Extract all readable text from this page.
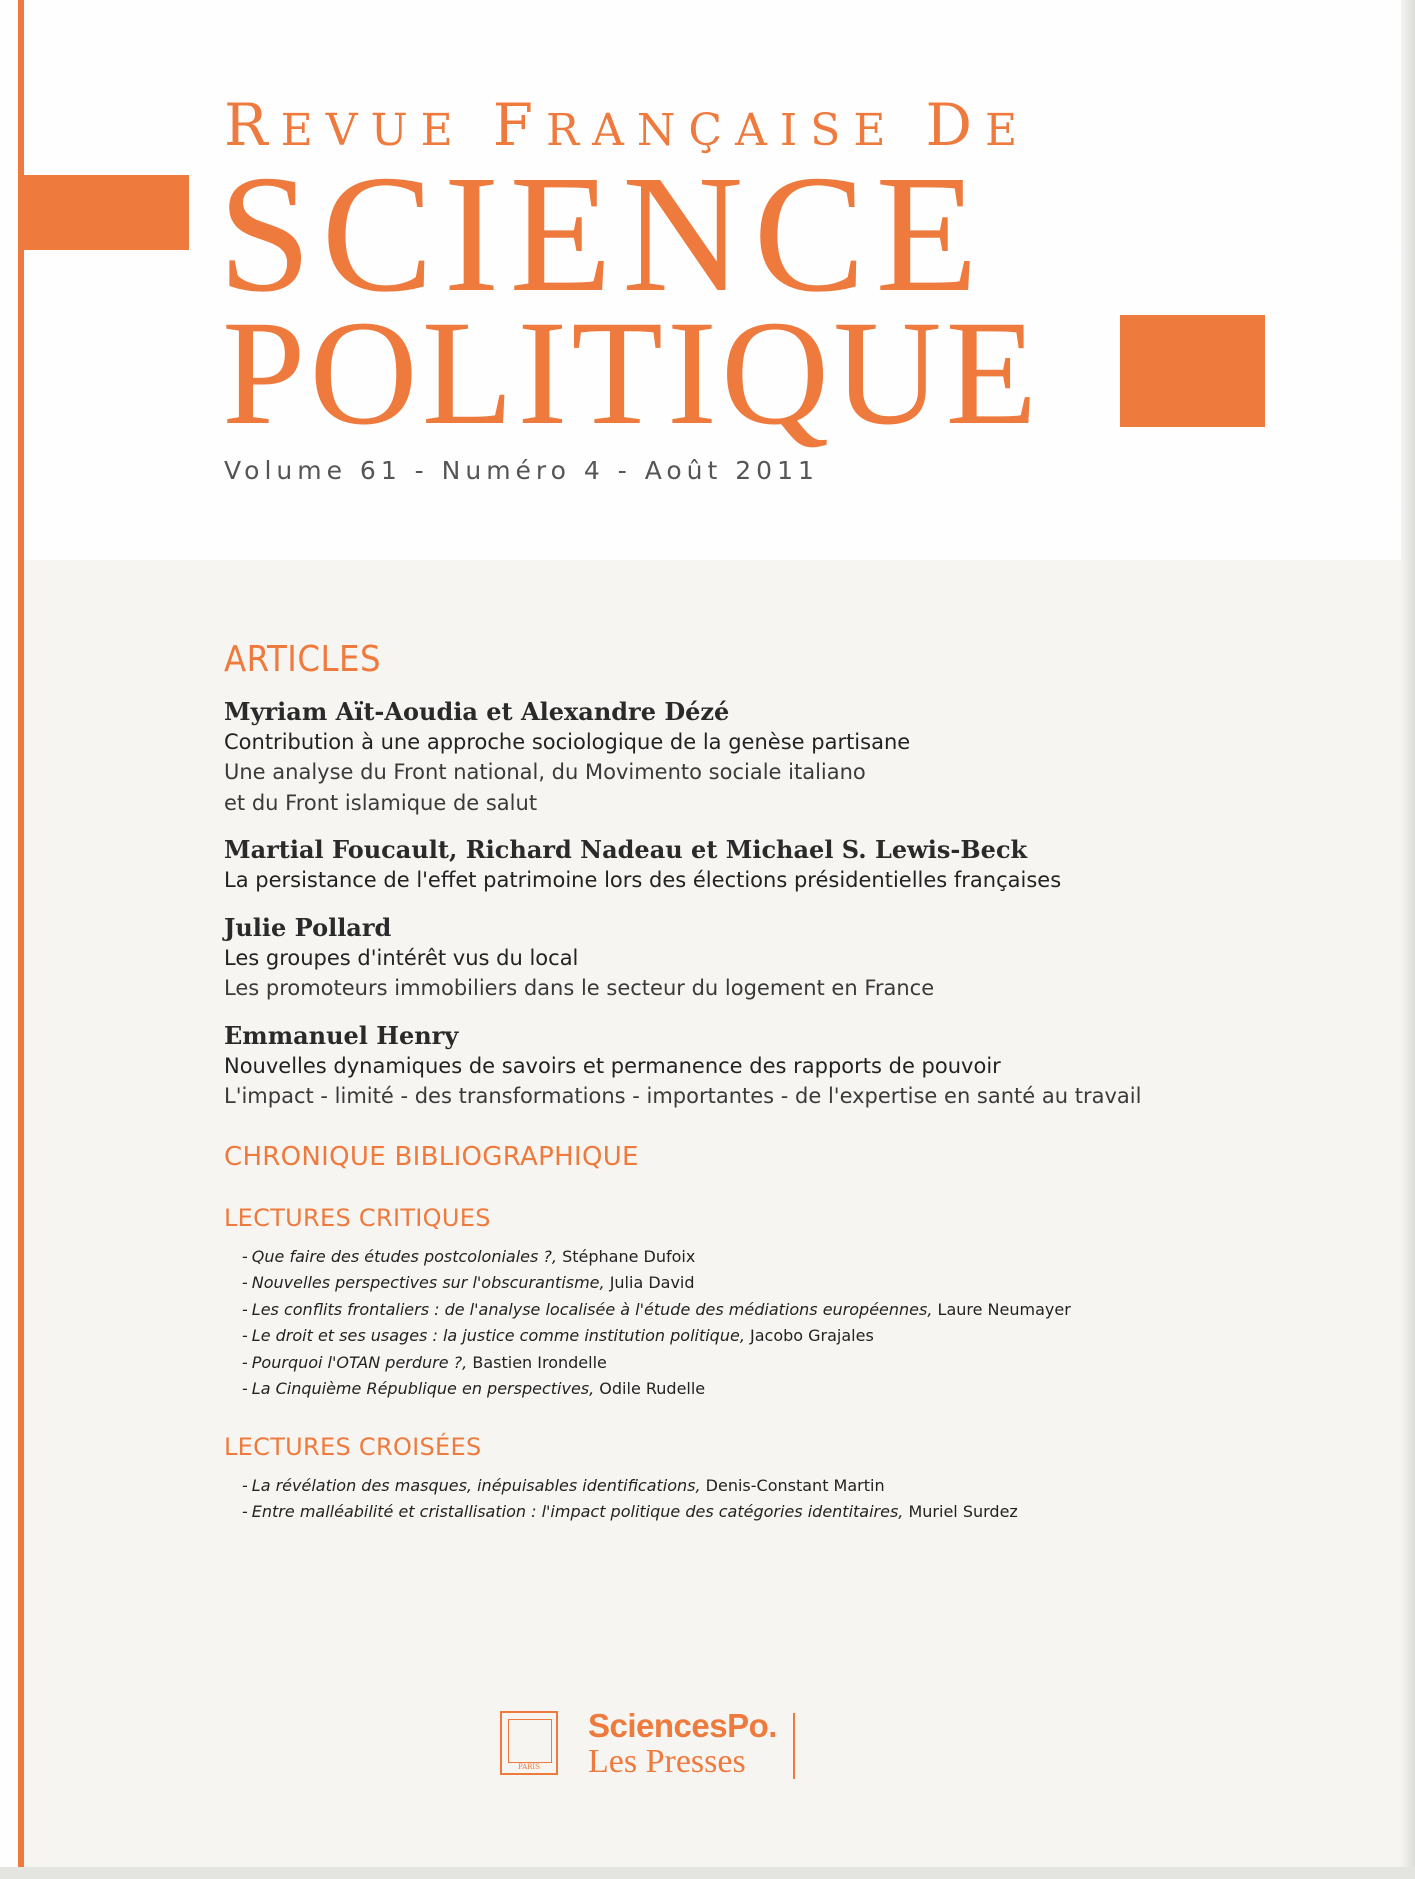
REVUE FRANÇAISE DE
SCIENCE
POLITIQUE
Volume 61 - Numéro 4 - Août 2011
ARTICLES
Myriam Aït-Aoudia et Alexandre Dézé
Contribution à une approche sociologique de la genèse partisane
Une analyse du Front national, du Movimento sociale italiano
et du Front islamique de salut
Martial Foucault, Richard Nadeau et Michael S. Lewis-Beck
La persistance de l'effet patrimoine lors des élections présidentielles françaises
Julie Pollard
Les groupes d'intérêt vus du local
Les promoteurs immobiliers dans le secteur du logement en France
Emmanuel Henry
Nouvelles dynamiques de savoirs et permanence des rapports de pouvoir
L'impact - limité - des transformations - importantes - de l'expertise en santé au travail
CHRONIQUE BIBLIOGRAPHIQUE
LECTURES CRITIQUES
- Que faire des études postcoloniales ?, Stéphane Dufoix
- Nouvelles perspectives sur l'obscurantisme, Julia David
- Les conflits frontaliers : de l'analyse localisée à l'étude des médiations européennes, Laure Neumayer
- Le droit et ses usages : la justice comme institution politique, Jacobo Grajales
- Pourquoi l'OTAN perdure ?, Bastien Irondelle
- La Cinquième République en perspectives, Odile Rudelle
LECTURES CROISÉES
- La révélation des masques, inépuisables identifications, Denis-Constant Martin
- Entre malléabilité et cristallisation : l'impact politique des catégories identitaires, Muriel Surdez
PARIS
SciencesPo.
Les Presses
